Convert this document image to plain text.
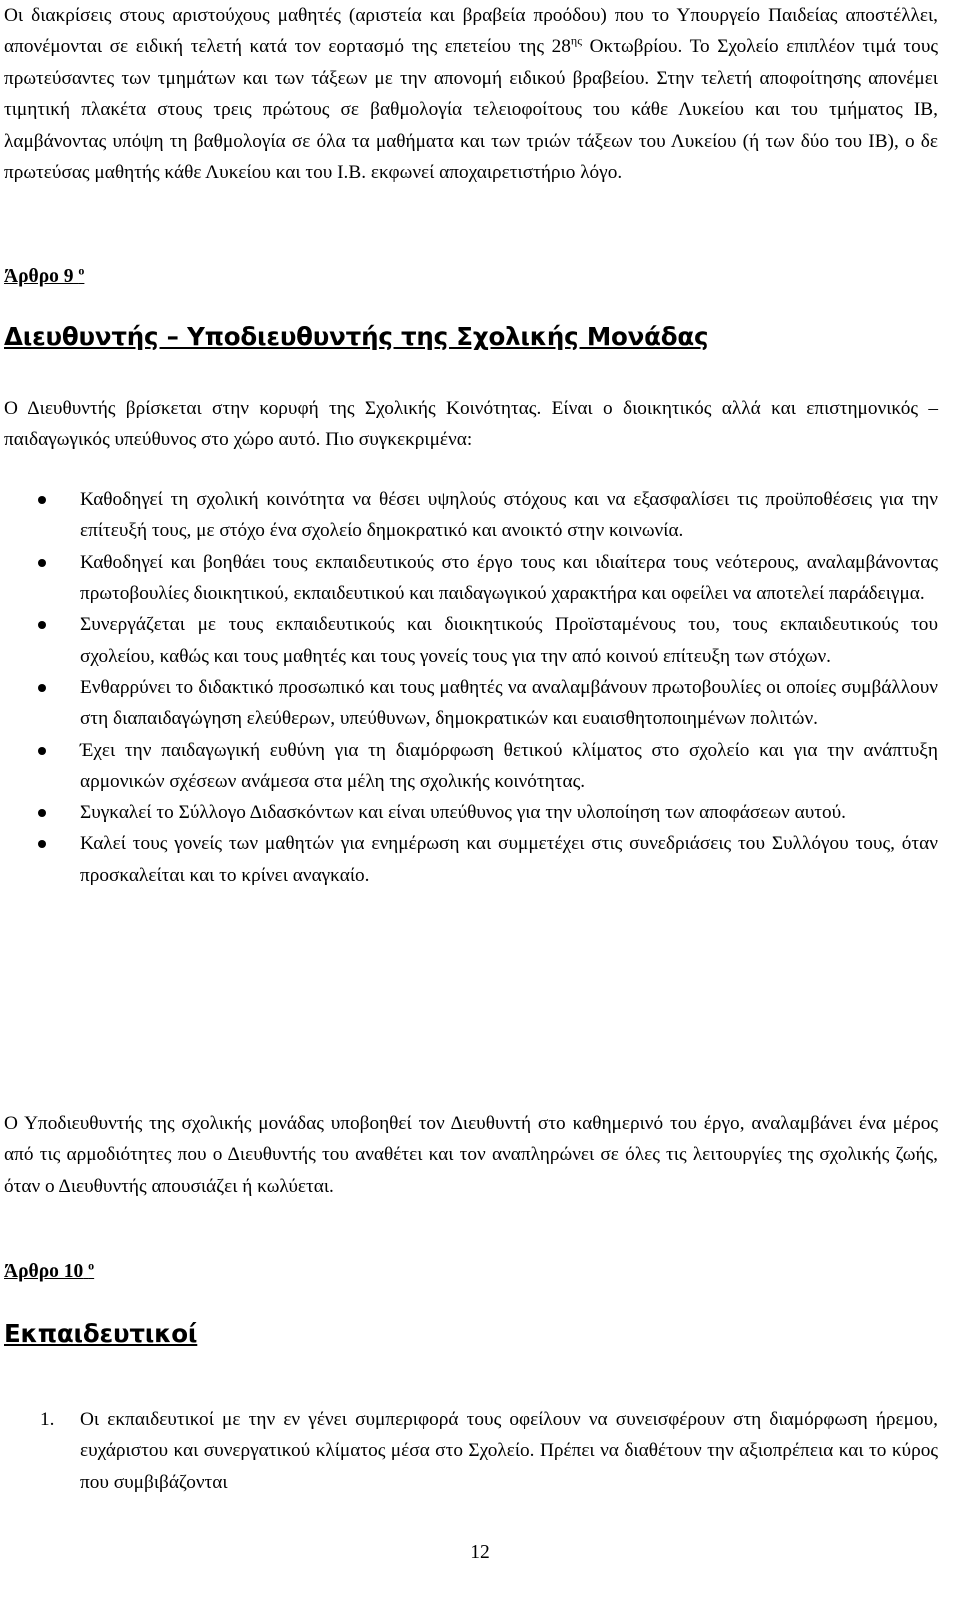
Οι διακρίσεις στους αριστούχους μαθητές (αριστεία και βραβεία προόδου) που το Υπουργείο Παιδείας αποστέλλει, απονέμονται σε ειδική τελετή κατά τον εορτασμό της επετείου της $28^{\eta\varsigma}$ Οκτωβρίου. Το Σχολείο επιπλέον τιμά τους πρωτεύσαντες των τμημάτων και των τάξεων με την απονομή ειδικού βραβείου. Στην τελετή αποφοίτησης απονέμει τιμητική πλακέτα στους τρεις πρώτους σε βαθμολογία τελειοφοίτους του κάθε Λυκείου και του τμήματος ΙΒ, λαμβάνοντας υπόψη τη βαθμολογία σε όλα τα μαθήματα και των τριών τάξεων του Λυκείου (ή των δύο του ΙΒ), ο δε πρωτεύσας μαθητής κάθε Λυκείου και του Ι.Β. εκφωνεί αποχαιρετιστήριο λόγο.

Άρθρο 9 $^o$
Διευθυντής – Υποδιευθυντής της Σχολικής Μονάδας

Ο Διευθυντής βρίσκεται στην κορυφή της Σχολικής Κοινότητας. Είναι ο διοικητικός αλλά και επιστημονικός – παιδαγωγικός υπεύθυνος στο χώρο αυτό. Πιο συγκεκριμένα:

Καθοδηγεί τη σχολική κοινότητα να θέσει υψηλούς στόχους και να εξασφαλίσει τις προϋποθέσεις για την επίτευξή τους, με στόχο ένα σχολείο δημοκρατικό και ανοικτό στην κοινωνία.
Καθοδηγεί και βοηθάει τους εκπαιδευτικούς στο έργο τους και ιδιαίτερα τους νεότερους, αναλαμβάνοντας πρωτοβουλίες διοικητικού, εκπαιδευτικού και παιδαγωγικού χαρακτήρα και οφείλει να αποτελεί παράδειγμα.
Συνεργάζεται με τους εκπαιδευτικούς και διοικητικούς Προϊσταμένους του, τους εκπαιδευτικούς του σχολείου, καθώς και τους μαθητές και τους γονείς τους για την από κοινού επίτευξη των στόχων.
Ενθαρρύνει το διδακτικό προσωπικό και τους μαθητές να αναλαμβάνουν πρωτοβουλίες οι οποίες συμβάλλουν στη διαπαιδαγώγηση ελεύθερων, υπεύθυνων, δημοκρατικών και ευαισθητοποιημένων πολιτών.
Έχει την παιδαγωγική ευθύνη για τη διαμόρφωση θετικού κλίματος στο σχολείο και για την ανάπτυξη αρμονικών σχέσεων ανάμεσα στα μέλη της σχολικής κοινότητας.
Συγκαλεί το Σύλλογο Διδασκόντων και είναι υπεύθυνος για την υλοποίηση των αποφάσεων αυτού.
Καλεί τους γονείς των μαθητών για ενημέρωση και συμμετέχει στις συνεδριάσεις του Συλλόγου τους, όταν προσκαλείται και το κρίνει αναγκαίο.

Ο Υποδιευθυντής της σχολικής μονάδας υποβοηθεί τον Διευθυντή στο καθημερινό του έργο, αναλαμβάνει ένα μέρος από τις αρμοδιότητες που ο Διευθυντής του αναθέτει και τον αναπληρώνει σε όλες τις λειτουργίες της σχολικής ζωής, όταν ο Διευθυντής απουσιάζει ή κωλύεται.

Άρθρο 10 $^o$
Εκπαιδευτικοί
1. Οι εκπαιδευτικοί με την εν γένει συμπεριφορά τους οφείλουν να συνεισφέρουν στη διαμόρφωση ήρεμου, ευχάριστου και συνεργατικού κλίματος μέσα στο Σχολείο. Πρέπει να διαθέτουν την αξιοπρέπεια και το κύρος που συμβιβάζονται
12
